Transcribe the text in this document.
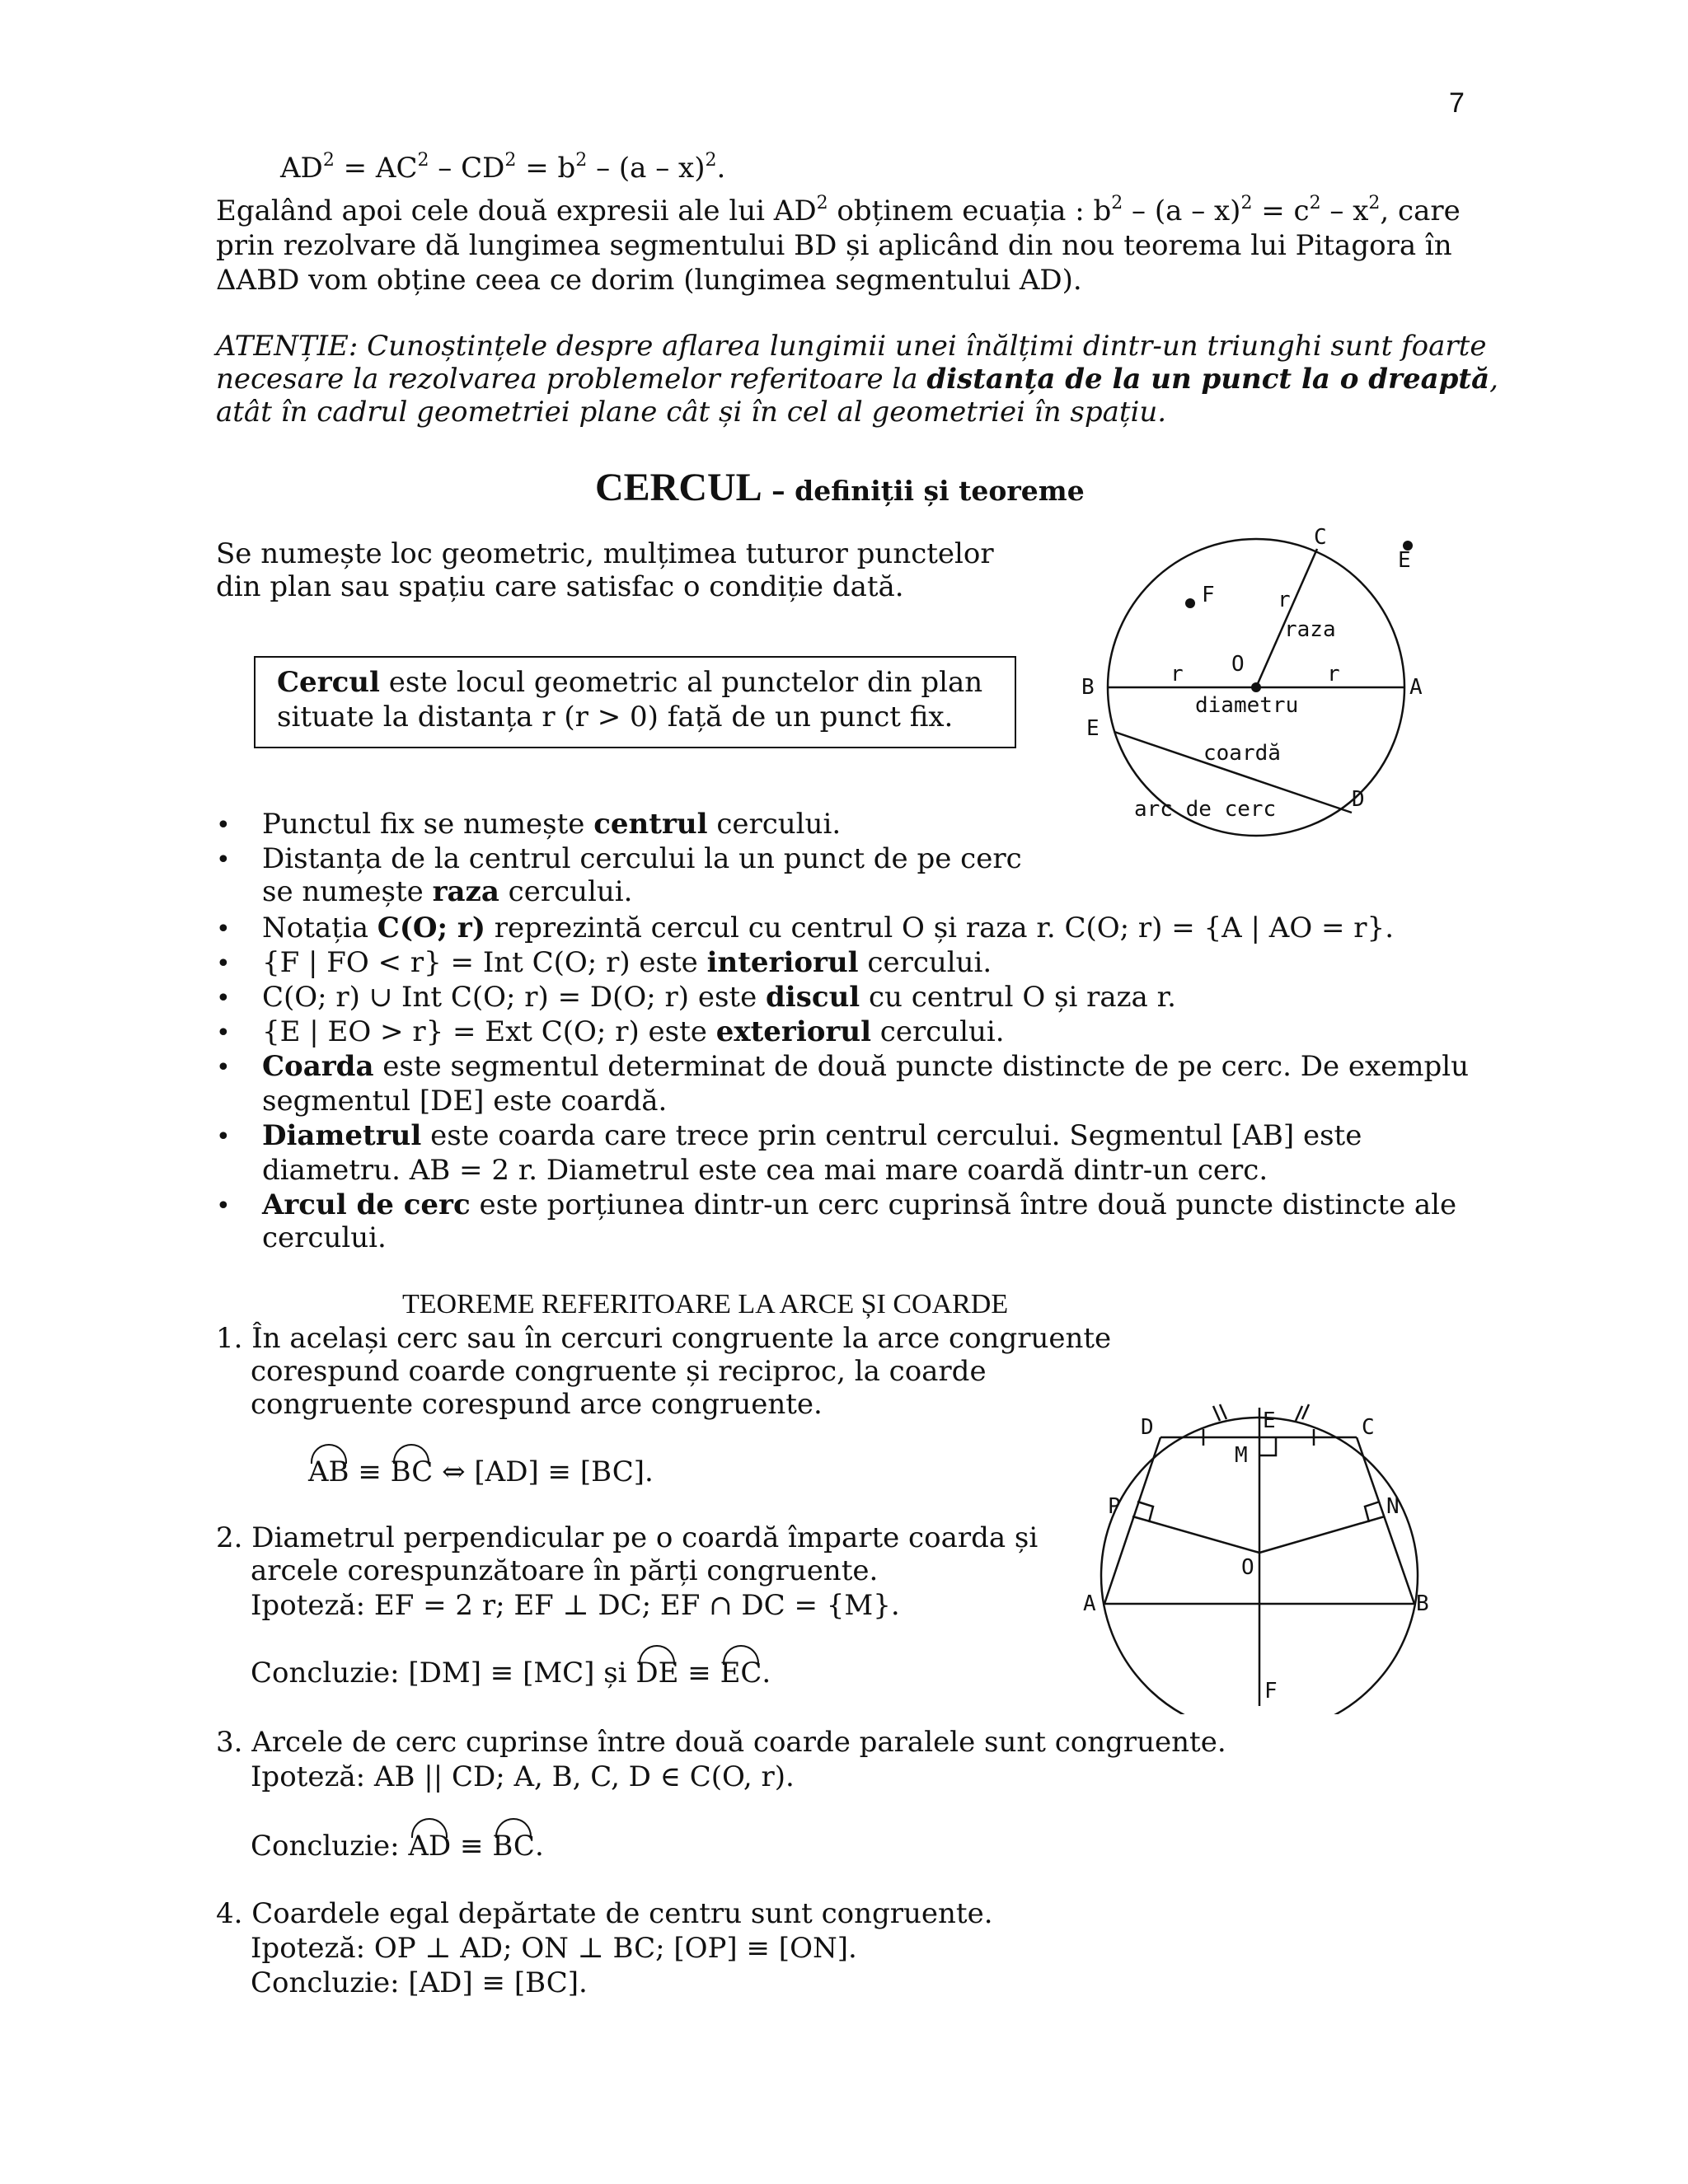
7
$AD^2 = AC^2 - CD^2 = b^2 - (a - x)^2$.
Egalând apoi cele două expresii ale lui $AD^2$ obținem ecuația : $b^2 - (a - x)^2 = c^2 - x^2$, care
prin rezolvare dă lungimea segmentului BD și aplicând din nou teorema lui Pitagora în
ΔABD vom obține ceea ce dorim (lungimea segmentului AD).
ATENȚIE: Cunoștințele despre aflarea lungimii unei înălțimi dintr-un triunghi sunt foarte
necesare la rezolvarea problemelor referitoare la distanța de la un punct la o dreaptă,
atât în cadrul geometriei plane cât și în cel al geometriei în spațiu.
CERCUL – definiții și teoreme
Se numește loc geometric, mulțimea tuturor punctelor
din plan sau spațiu care satisfac o condiție dată.
Cercul este locul geometric al punctelor din plan
situate la distanța r (r > 0) față de un punct fix.
C
E
F	r
raza
O
B
r	r
A
diametru
E
coardă
D
arc de cerc
• Punctul fix se numește centrul cercului.
• Distanța de la centrul cercului la un punct de pe cerc
se numește raza cercului.
• Notația C(O; r) reprezintă cercul cu centrul O și raza r. C(O; r) = {A | AO = r}.
• {F | FO < r} = Int C(O; r) este interiorul cercului.
• C(O; r) ∪ Int C(O; r) = D(O; r) este discul cu centrul O și raza r.
• {E | EO > r} = Ext C(O; r) este exteriorul cercului.
• Coarda este segmentul determinat de două puncte distincte de pe cerc. De exemplu
segmentul [DE] este coardă.
• Diametrul este coarda care trece prin centrul cercului. Segmentul [AB] este
diametru. AB = 2 r. Diametrul este cea mai mare coardă dintr-un cerc.
• Arcul de cerc este porțiunea dintr-un cerc cuprinsă între două puncte distincte ale
cercului.
TEOREME REFERITOARE LA ARCE ȘI COARDE
1. În același cerc sau în cercuri congruente la arce congruente
corespund coarde congruente și reciproc, la coarde
congruente corespund arce congruente.
AB ≡ BC ⇔ [AD] ≡ [BC].
2. Diametrul perpendicular pe o coardă împarte coarda și
arcele corespunzătoare în părți congruente.
Ipoteză: EF = 2 r; EF ⊥ DC; EF ∩ DC = {M}.
Concluzie: [DM] ≡ [MC] și DE ≡ EC.
E
D	C
M
P	N
O
A	B
F
3. Arcele de cerc cuprinse între două coarde paralele sunt congruente.
Ipoteză: AB || CD; A, B, C, D ∈ C(O, r).
Concluzie: AD ≡ BC.
4. Coardele egal depărtate de centru sunt congruente.
Ipoteză: OP ⊥ AD; ON ⊥ BC; [OP] ≡ [ON].
Concluzie: [AD] ≡ [BC].
